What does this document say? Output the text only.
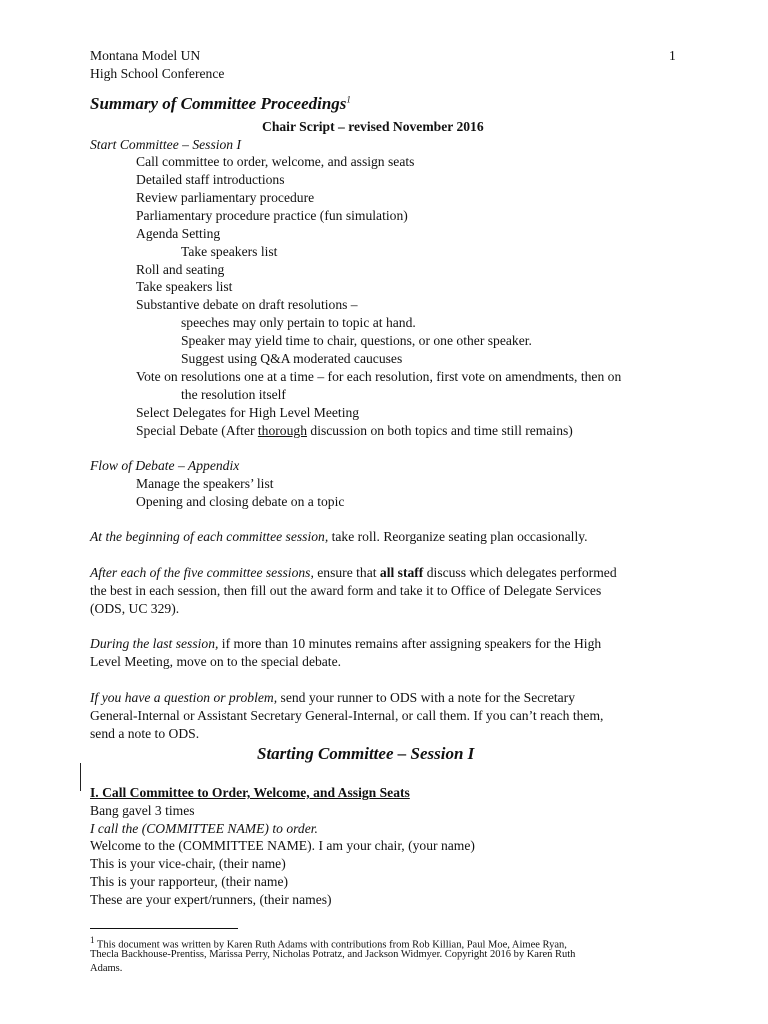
Montana Model UN
High School Conference
1
Summary of Committee Proceedings$^1$
Chair Script – revised November 2016
Start Committee – Session I
Call committee to order, welcome, and assign seats
Detailed staff introductions
Review parliamentary procedure
Parliamentary procedure practice (fun simulation)
Agenda Setting
Take speakers list
Roll and seating
Take speakers list
Substantive debate on draft resolutions –
speeches may only pertain to topic at hand.
Speaker may yield time to chair, questions, or one other speaker.
Suggest using Q&A moderated caucuses
Vote on resolutions one at a time – for each resolution, first vote on amendments, then on
the resolution itself
Select Delegates for High Level Meeting
Special Debate (After thorough discussion on both topics and time still remains)
Flow of Debate – Appendix
Manage the speakers’ list
Opening and closing debate on a topic
At the beginning of each committee session, take roll. Reorganize seating plan occasionally.
After each of the five committee sessions, ensure that all staff discuss which delegates performed
the best in each session, then fill out the award form and take it to Office of Delegate Services
(ODS, UC 329).
During the last session, if more than 10 minutes remains after assigning speakers for the High
Level Meeting, move on to the special debate.
If you have a question or problem, send your runner to ODS with a note for the Secretary
General-Internal or Assistant Secretary General-Internal, or call them. If you can’t reach them,
send a note to ODS.
Starting Committee – Session I
I. Call Committee to Order, Welcome, and Assign Seats
Bang gavel 3 times
I call the (COMMITTEE NAME) to order.
Welcome to the (COMMITTEE NAME). I am your chair, (your name)
This is your vice-chair, (their name)
This is your rapporteur, (their name)
These are your expert/runners, (their names)
1 This document was written by Karen Ruth Adams with contributions from Rob Killian, Paul Moe, Aimee Ryan,
Thecla Backhouse-Prentiss, Marissa Perry, Nicholas Potratz, and Jackson Widmyer. Copyright 2016 by Karen Ruth
Adams.
